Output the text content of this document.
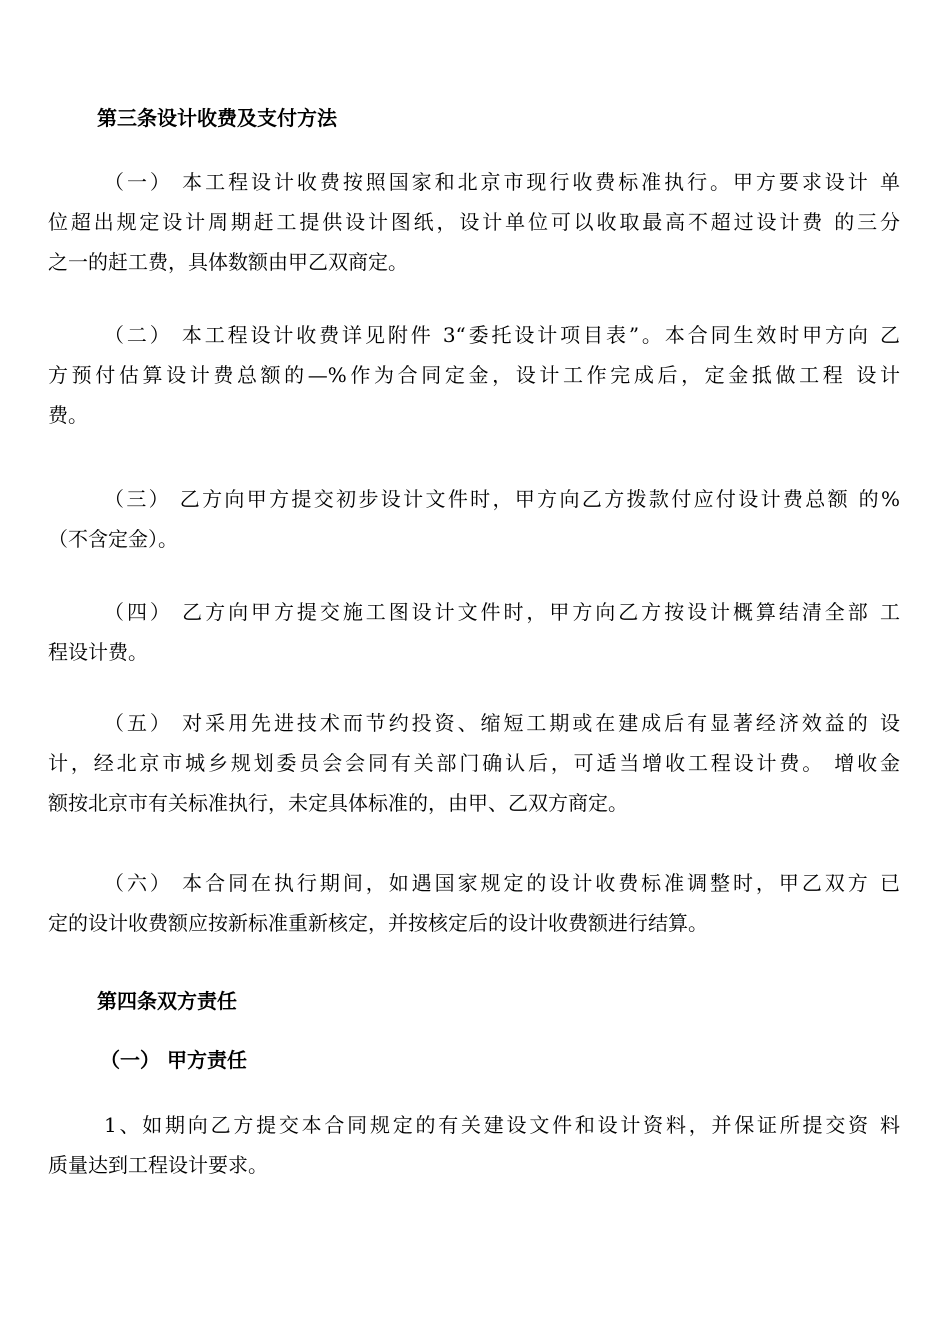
第三条设计收费及支付方法
（一） 本工程设计收费按照国家和北京市现行收费标准执行。甲方要求设计 单
位超出规定设计周期赶工提供设计图纸，设计单位可以收取最高不超过设计费 的三分
之一的赶工费，具体数额由甲乙双商定。
（二） 本工程设计收费详见附件 3“委托设计项目表”。本合同生效时甲方向 乙
方预付估算设计费总额的—%作为合同定金，设计工作完成后，定金抵做工程 设计
费。
（三） 乙方向甲方提交初步设计文件时，甲方向乙方拨款付应付设计费总额 的%
（不含定金）。
（四） 乙方向甲方提交施工图设计文件时，甲方向乙方按设计概算结清全部 工
程设计费。
（五） 对采用先进技术而节约投资、缩短工期或在建成后有显著经济效益的 设
计，经北京市城乡规划委员会会同有关部门确认后，可适当增收工程设计费。 增收金
额按北京市有关标准执行，未定具体标准的，由甲、乙双方商定。
（六） 本合同在执行期间，如遇国家规定的设计收费标准调整时，甲乙双方 已
定的设计收费额应按新标准重新核定，并按核定后的设计收费额进行结算。
第四条双方责任
（一） 甲方责任
1、如期向乙方提交本合同规定的有关建设文件和设计资料，并保证所提交资 料
质量达到工程设计要求。
